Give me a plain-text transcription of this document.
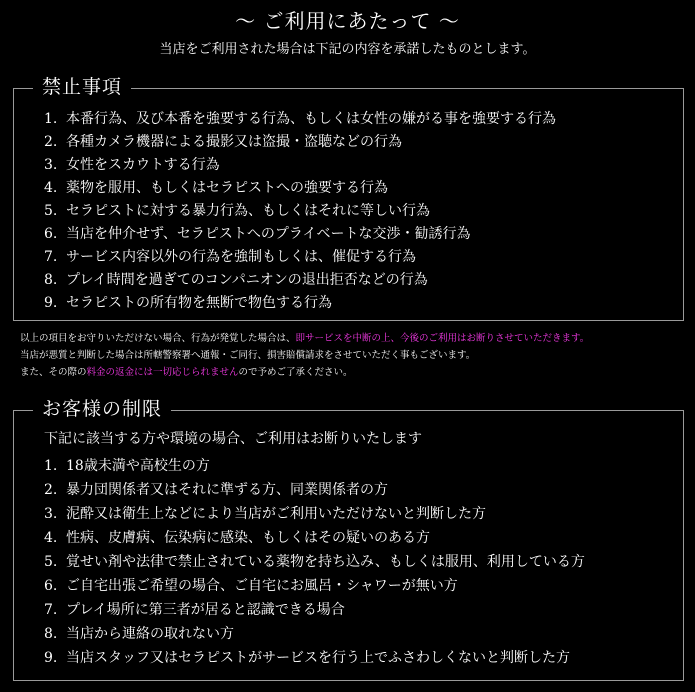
〜 ご利用にあたって 〜
当店をご利用された場合は下記の内容を承諾したものとします。
禁止事項
1. 本番行為、及び本番を強要する行為、もしくは女性の嫌がる事を強要する行為
2. 各種カメラ機器による撮影又は盗撮・盗聴などの行為
3. 女性をスカウトする行為
4. 薬物を服用、もしくはセラピストへの強要する行為
5. セラピストに対する暴力行為、もしくはそれに等しい行為
6. 当店を仲介せず、セラピストへのプライベートな交渉・勧誘行為
7. サービス内容以外の行為を強制もしくは、催促する行為
8. プレイ時間を過ぎてのコンパニオンの退出拒否などの行為
9. セラピストの所有物を無断で物色する行為

以上の項目をお守りいただけない場合、行為が発覚した場合は、即サービスを中断の上、今後のご利用はお断りさせていただきます。

当店が悪質と判断した場合は所轄警察署へ通報・ご同行、損害賠償請求をさせていただく事もございます。

また、その際の料金の返金には一切応じられませんので予めご了承ください。

お客様の制限
下記に該当する方や環境の場合、ご利用はお断りいたします
1. 18歳未満や高校生の方
2. 暴力団関係者又はそれに準ずる方、同業関係者の方
3. 泥酔又は衛生上などにより当店がご利用いただけないと判断した方
4. 性病、皮膚病、伝染病に感染、もしくはその疑いのある方
5. 覚せい剤や法律で禁止されている薬物を持ち込み、もしくは服用、利用している方
6. ご自宅出張ご希望の場合、ご自宅にお風呂・シャワーが無い方
7. プレイ場所に第三者が居ると認識できる場合
8. 当店から連絡の取れない方
9. 当店スタッフ又はセラピストがサービスを行う上でふさわしくないと判断した方
